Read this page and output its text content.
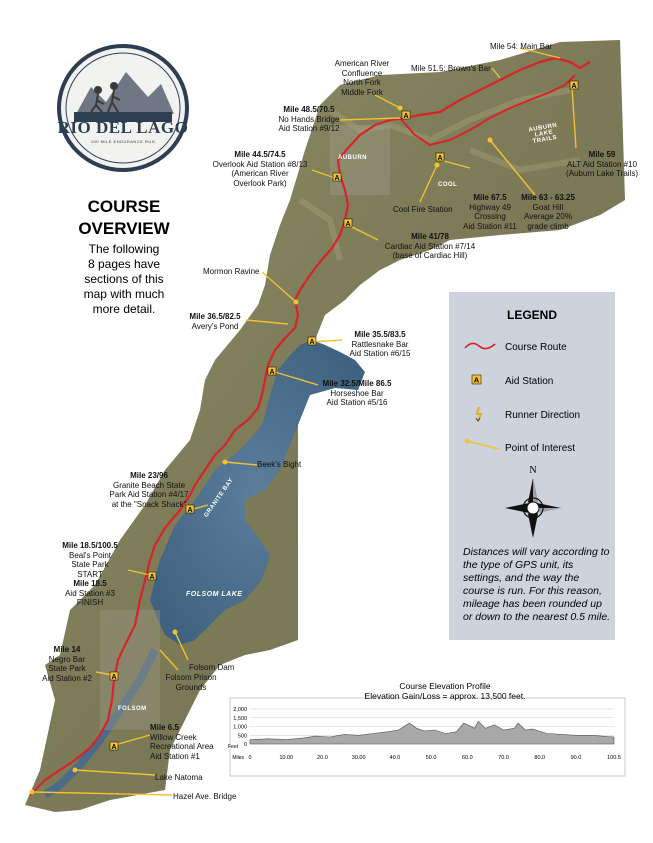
A
A
A
A
A
A
A
A
A
A
A
2,000
1,500
1,000
500
0
0	10.00	20.0	30.00	40.0	50.0	60.0	70.0	80.0	90.0	100.5
Feet
Miles
RIO DEL LAGO
100 MILE ENDURANCE RUN
COURSE
OVERVIEW
The following
8 pages have
sections of this
map with much
more detail.	LEGEND
Course Route
A	Aid Station
Runner Direction
Point of Interest
N
Distances will vary according to the type of GPS unit, its settings, and the way the course is run. For this reason, mileage has been rounded up or down to the nearest 0.5 mile.
Mile 54: Main Bar
Mile 51.5: Brown's Bar
American River
Confluence
North Fork
Middle Fork
Mile 48.5/70.5
No Hands Bridge
Aid Station #9/12
Mile 44.5/74.5
Overlook Aid Station #8/13
(American River
Overlook Park)
Mile 59
ALT Aid Station #10
(Auburn Lake Trails)
Mile 63 - 63.25
Goat Hill
Average 20%
grade climb
Mile 67.5
Highway 49
Crossing
Aid Station #11
Cool Fire Station
Mile 41/78
Cardiac Aid Station #7/14
(base of Cardiac Hill)
Mormon Ravine
Mile 36.5/82.5
Avery's Pond
Mile 35.5/83.5
Rattlesnake Bar
Aid Station #6/15
Mile 32.5/Mile 86.5
Horseshoe Bar
Aid Station #5/16
Beek's Bight
Mile 23/96
Granite Beach State
Park Aid Station #4/17
at the "Snack Shack"
Mile 18.5/100.5
Beal's Point
State Park
START
Mile 18.5
Aid Station #3
FINISH
Mile 14
Negro Bar
State Park
Aid Station #2
Folsom Dam
Folsom Prison
Grounds
Mile 6.5
Willow Creek
Recreational Area
Aid Station #1
Lake Natoma
Hazel Ave. Bridge
AUBURN
COOL
AUBURN LAKE TRAILS
GRANITE BAY
FOLSOM LAKE
FOLSOM
Course Elevation Profile
Elevation Gain/Loss = approx. 13,500 feet.
